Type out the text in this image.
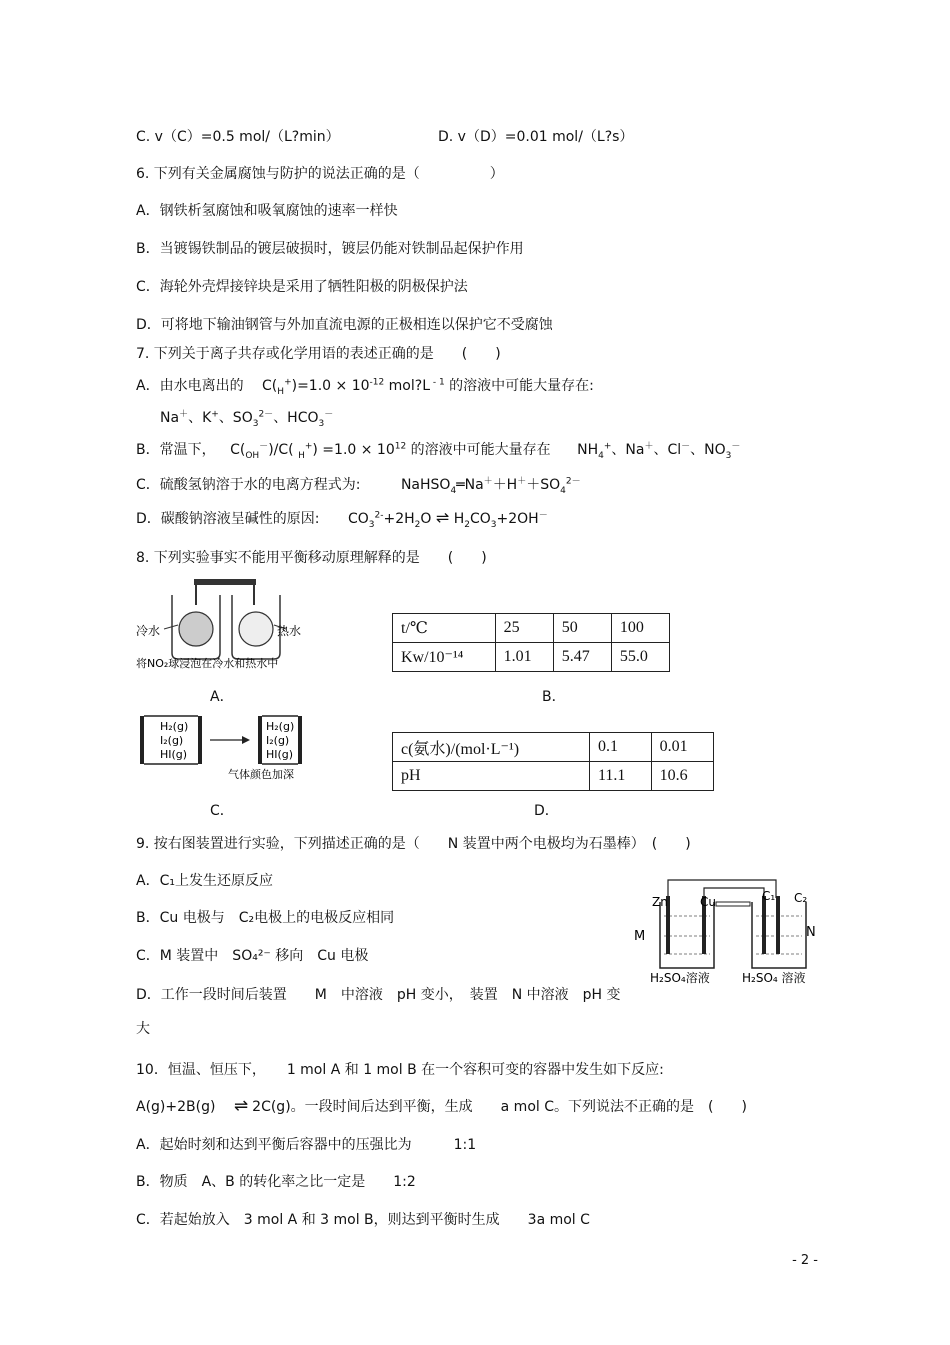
C. v（C）=0.5 mol/（L?min）	D. v（D）=0.01 mol/（L?s）
6. 下列有关金属腐蚀与防护的说法正确的是（　　　　　）
A．钢铁析氢腐蚀和吸氧腐蚀的速率一样快
B．当镀锡铁制品的镀层破损时，镀层仍能对铁制品起保护作用
C．海轮外壳焊接锌块是采用了牺牲阳极的阴极保护法
D．可将地下输油钢管与外加直流电源的正极相连以保护它不受腐蚀
7. 下列关于离子共存或化学用语的表述正确的是　　(　　)
A．由水电离出的 $C(_H^+)=1.0 \times 10^{-12}$ mol?L $^{- 1}$ 的溶液中可能大量存在:
Na＋、K+、$SO_3^{2-}$、$HCO_3^-$
B．常温下， $C(_{OH}^-)/C$( $_H^+) =1.0 \times 10^{12}$ 的溶液中可能大量存在 $NH_4^+$、Na＋、Cl－、$NO_3^-$
C．硫酸氢钠溶于水的电离方程式为:	$NaHSO_4═Na^++H^++SO_4^{2-}$
D．碳酸钠溶液呈碱性的原因: $CO_3^{2-}+2H_2O$ ⇌ $H_2CO_3+2OH^-$
8. 下列实验事实不能用平衡移动原理解释的是　　(　　)
冷水	热水
将NO₂球浸泡在冷水和热水中
t/℃	25	50	100
Kw/10⁻¹⁴	1.01	5.47	55.0
A．	B．
H₂(g)
I₂(g)
HI(g)
H₂(g)
I₂(g)
HI(g)
气体颜色加深
c(氨水)/(mol·L⁻¹)	0.1	0.01
pH	11.1	10.6
C．	D．
9. 按右图装置进行实验，下列描述正确的是（　　N 装置中两个电极均为石墨棒）　(　　)
A．C₁上发生还原反应
B．Cu 电极与　C₂电极上的电极反应相同
C．M 装置中　SO₄²⁻ 移向　Cu 电极
D．工作一段时间后装置　　M　中溶液　pH 变小，　装置　N 中溶液　pH 变
大
Zn	Cu	C₁ C₂
M	N
H₂SO₄溶液	H₂SO₄ 溶液
10．恒温、恒压下，　　1 mol A 和 1 mol B 在一个容积可变的容器中发生如下反应:
A(g)+2B(g) ⇌ 2C(g)。一段时间后达到平衡，生成　　a mol C。下列说法不正确的是　(　　)
A．起始时刻和达到平衡后容器中的压强比为　　　1:1
B．物质　A、B 的转化率之比一定是　　1:2
C．若起始放入　3 mol A 和 3 mol B，则达到平衡时生成　　3a mol C
- 2 -
